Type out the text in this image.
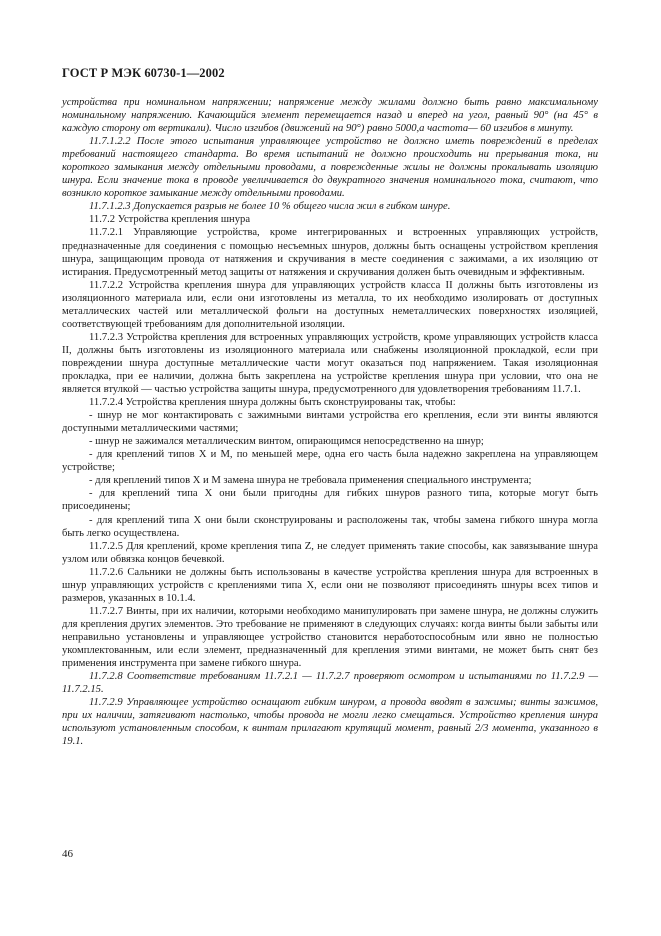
ГОСТ Р МЭК 60730-1—2002

устройства при номинальном напряжении; напряжение между жилами должно быть равно максимальному номинальному напряжению. Качающийся элемент перемещается назад и вперед на угол, равный 90° (на 45° в каждую сторону от вертикали). Число изгибов (движений на 90°) равно 5000,а частота— 60 изгибов в минуту.

11.7.1.2.2 После этого испытания управляющее устройство не должно иметь повреждений в пределах требований настоящего стандарта. Во время испытаний не должно происходить ни прерывания тока, ни короткого замыкания между отдельными проводами, а поврежденные жилы не должны прокалывать изоляцию шнура. Если значение тока в проводе увеличивается до двукратного значения номинального тока, считают, что возникло короткое замыкание между отдельными проводами.

11.7.1.2.3 Допускается разрыв не более 10 % общего числа жил в гибком шнуре.

11.7.2 Устройства крепления шнура

11.7.2.1 Управляющие устройства, кроме интегрированных и встроенных управляющих устройств, предназначенные для соединения с помощью несъемных шнуров, должны быть оснащены устройством крепления шнура, защищающим провода от натяжения и скручивания в месте соединения с зажимами, а их изоляцию от истирания. Предусмотренный метод защиты от натяжения и скручивания должен быть очевидным и эффективным.

11.7.2.2 Устройства крепления шнура для управляющих устройств класса II должны быть изготовлены из изоляционного материала или, если они изготовлены из металла, то их необходимо изолировать от доступных металлических частей или металлической фольги на доступных неметаллических поверхностях изоляцией, соответствующей требованиям для дополнительной изоляции.

11.7.2.3 Устройства крепления для встроенных управляющих устройств, кроме управляющих устройств класса II, должны быть изготовлены из изоляционного материала или снабжены изоляционной прокладкой, если при повреждении шнура доступные металлические части могут оказаться под напряжением. Такая изоляционная прокладка, при ее наличии, должна быть закреплена на устройстве крепления шнура при условии, что она не является втулкой — частью устройства защиты шнура, предусмотренного для удовлетворения требованиям 11.7.1.

11.7.2.4 Устройства крепления шнура должны быть сконструированы так, чтобы:

- шнур не мог контактировать с зажимными винтами устройства его крепления, если эти винты являются доступными металлическими частями;

- шнур не зажимался металлическим винтом, опирающимся непосредственно на шнур;

- для креплений типов X и M, по меньшей мере, одна его часть была надежно закреплена на управляющем устройстве;

- для креплений типов X и M замена шнура не требовала применения специального инструмента;

- для креплений типа X они были пригодны для гибких шнуров разного типа, которые могут быть присоединены;

- для креплений типа X они были сконструированы и расположены так, чтобы замена гибкого шнура могла быть легко осуществлена.

11.7.2.5 Для креплений, кроме крепления типа Z, не следует применять такие способы, как завязывание шнура узлом или обвязка концов бечевкой.

11.7.2.6 Сальники не должны быть использованы в качестве устройства крепления шнура для встроенных в шнур управляющих устройств с креплениями типа X, если они не позволяют присоединять шнуры всех типов и размеров, указанных в 10.1.4.

11.7.2.7 Винты, при их наличии, которыми необходимо манипулировать при замене шнура, не должны служить для крепления других элементов. Это требование не применяют в следующих случаях: когда винты были забыты или неправильно установлены и управляющее устройство становится неработоспособным или явно не полностью укомплектованным, или если элемент, предназначенный для крепления этими винтами, не может быть снят без применения инструмента при замене гибкого шнура.

11.7.2.8 Соответствие требованиям 11.7.2.1 — 11.7.2.7 проверяют осмотром и испытаниями по 11.7.2.9 — 11.7.2.15.

11.7.2.9 Управляющее устройство оснащают гибким шнуром, а провода вводят в зажимы; винты зажимов, при их наличии, затягивают настолько, чтобы провода не могли легко смещаться. Устройство крепления шнура используют установленным способом, к винтам прилагают крутящий момент, равный 2/3 момента, указанного в 19.1.

46
